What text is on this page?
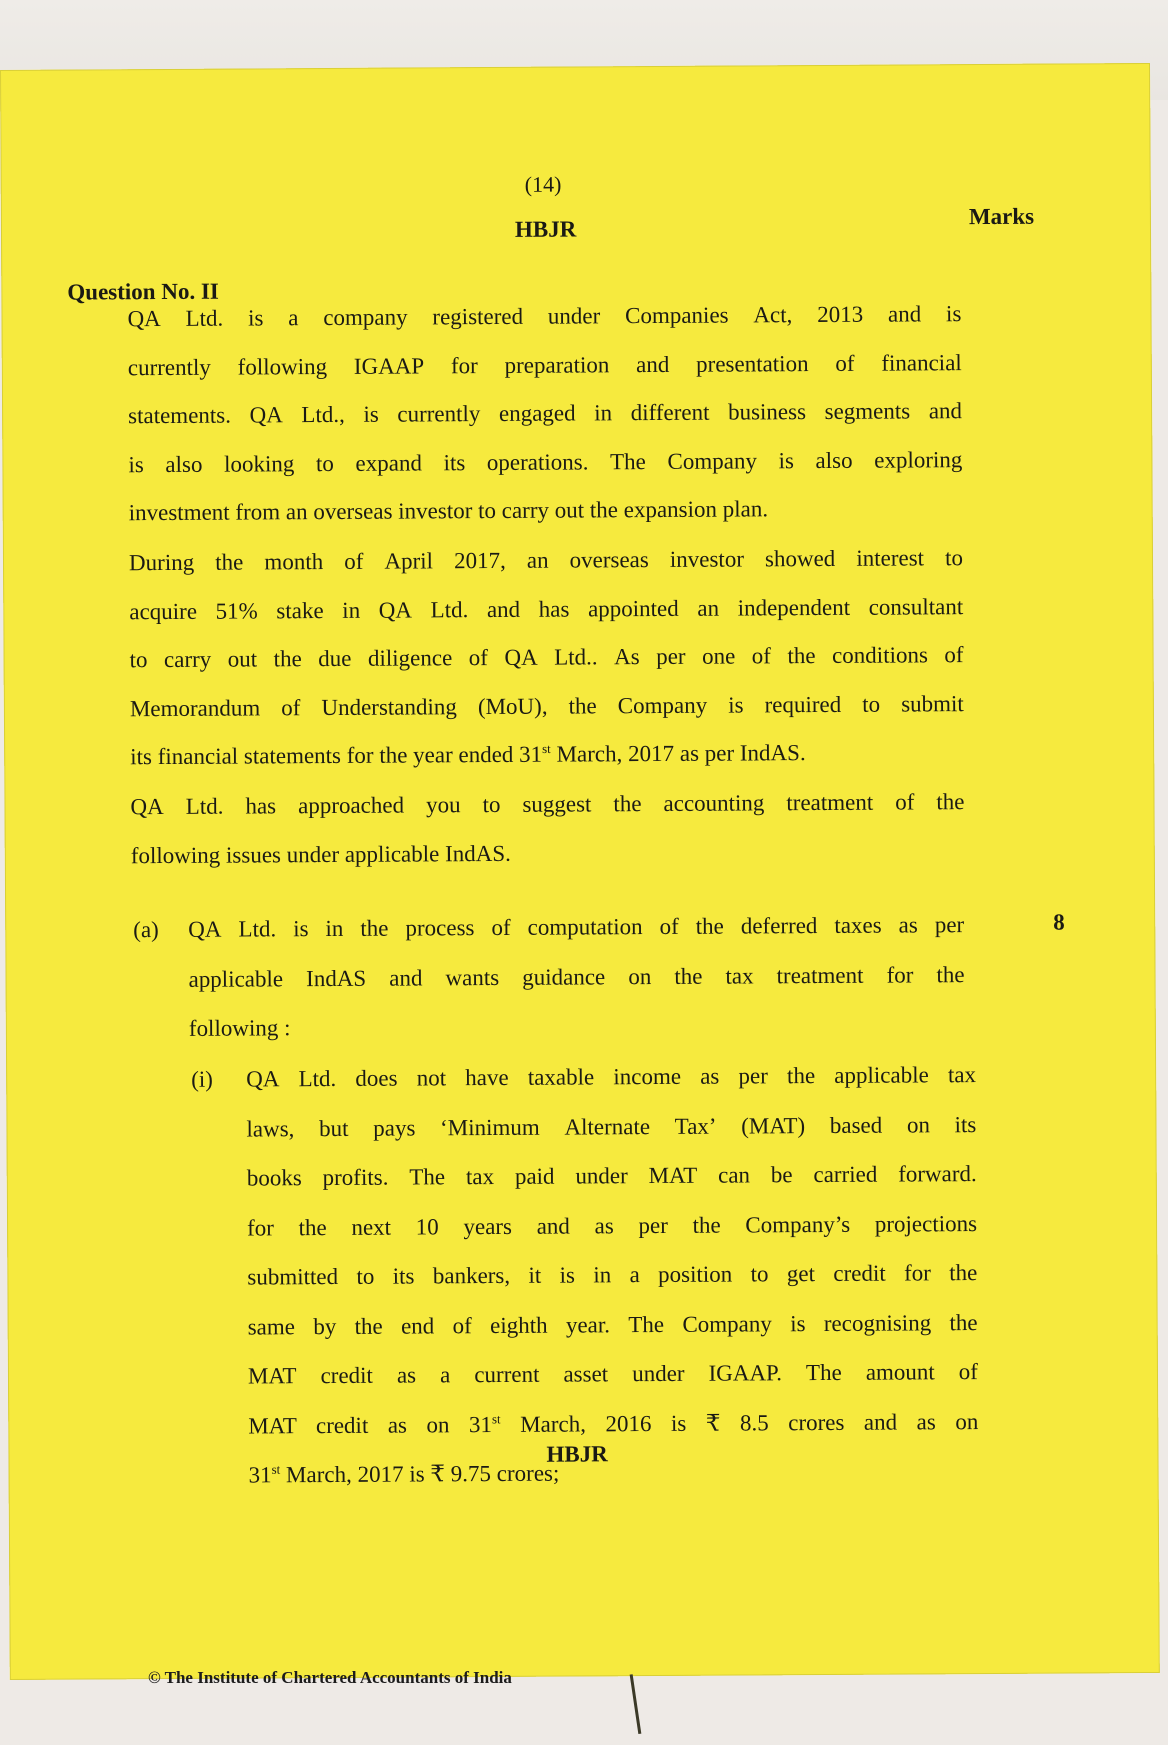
(14)
HBJR
Marks
Question No. II
QA Ltd. is a company registered under Companies Act, 2013 and is
currently following IGAAP for preparation and presentation of financial
statements. QA Ltd., is currently engaged in different business segments and
is also looking to expand its operations. The Company is also exploring
investment from an overseas investor to carry out the expansion plan.
During the month of April 2017, an overseas investor showed interest to
acquire 51% stake in QA Ltd. and has appointed an independent consultant
to carry out the due diligence of QA Ltd.. As per one of the conditions of
Memorandum of Understanding (MoU), the Company is required to submit
its financial statements for the year ended 31st March, 2017 as per IndAS.
QA Ltd. has approached you to suggest the accounting treatment of the
following issues under applicable IndAS.
(a) QA Ltd. is in the process of computation of the deferred taxes as per
applicable IndAS and wants guidance on the tax treatment for the
following :
8
(i) QA Ltd. does not have taxable income as per the applicable tax
laws, but pays ‘Minimum Alternate Tax’ (MAT) based on its
books profits. The tax paid under MAT can be carried forward.
for the next 10 years and as per the Company’s projections
submitted to its bankers, it is in a position to get credit for the
same by the end of eighth year. The Company is recognising the
MAT credit as a current asset under IGAAP. The amount of
MAT credit as on 31st March, 2016 is ₹ 8.5 crores and as on
31st March, 2017 is ₹ 9.75 crores;
HBJR
© The Institute of Chartered Accountants of India
